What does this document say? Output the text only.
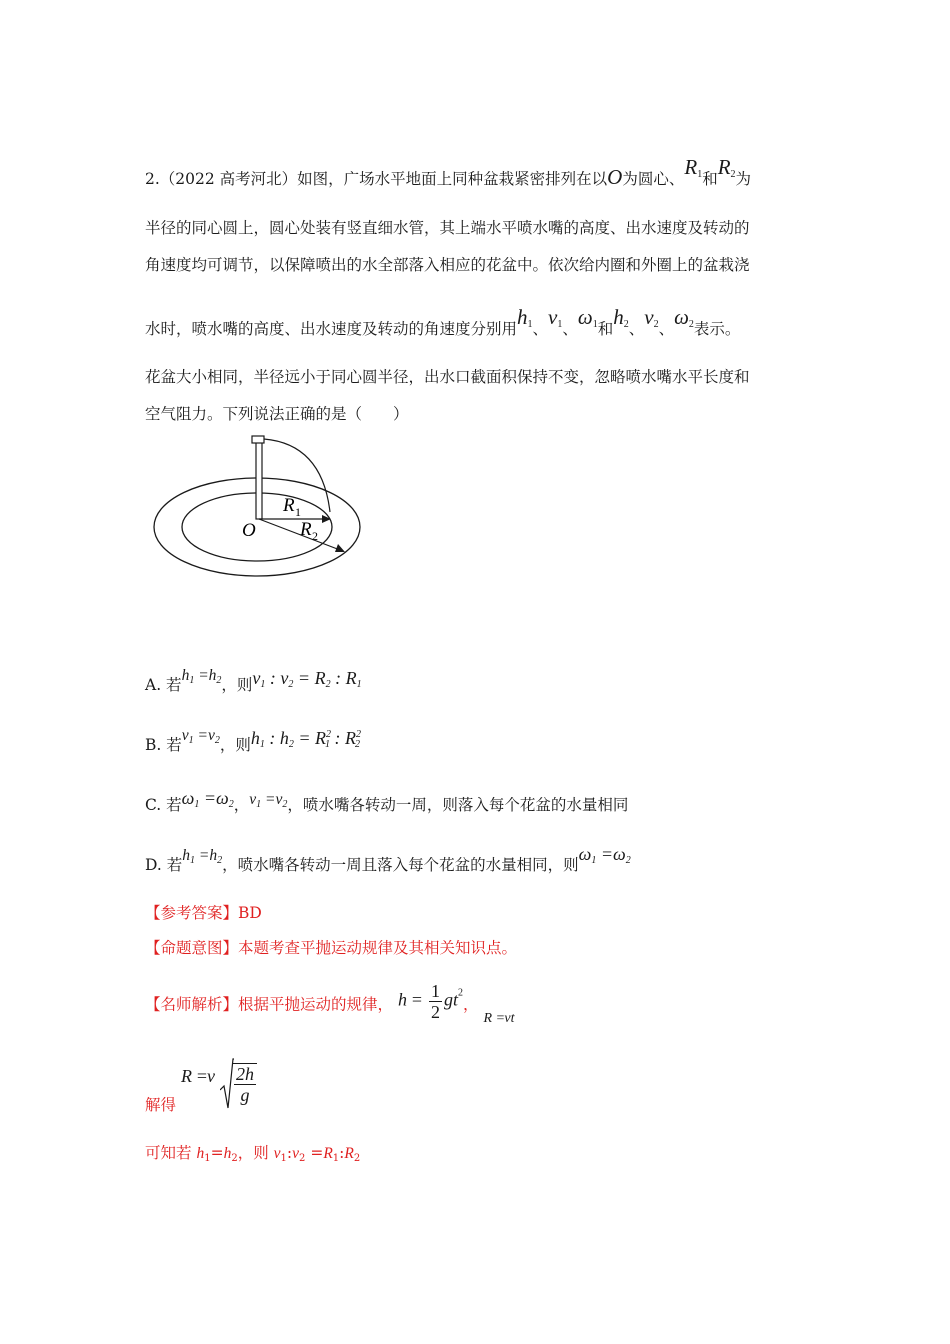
2.（2022 高考河北）如图，广场水平地面上同种盆栽紧密排列在以O为圆心、$R_1$和$R_2$为
半径的同心圆上，圆心处装有竖直细水管，其上端水平喷水嘴的高度、出水速度及转动的
角速度均可调节，以保障喷出的水全部落入相应的花盆中。依次给内圈和外圈上的盆栽浇
水时，喷水嘴的高度、出水速度及转动的角速度分别用$h_1$、$v_1$、$\omega_1$和$h_2$、$v_2$、$\omega_2$表示。
花盆大小相同，半径远小于同心圆半径，出水口截面积保持不变，忽略喷水嘴水平长度和
空气阻力。下列说法正确的是（　　）
O
R 1
R 2
A. 若$h_1 =h_2$，则$v_1$ : $v_2 = R_2$ : $R_1$
B. 若$v_1 =v_2$，则$h_1$ : $h_2 = R^2_1$ : $R^2_2$
C. 若$\omega_1 =\omega_2$，$v_1 =v_2$，喷水嘴各转动一周，则落入每个花盆的水量相同
D. 若$h_1 =h_2$，喷水嘴各转动一周且落入每个花盆的水量相同，则$\omega_1 =\omega_2$
【参考答案】BD
【命题意图】本题考查平抛运动规律及其相关知识点。
【名师解析】根据平抛运动的规律， $h = \frac{1}{2} gt^2$， R =vt
解得 $R =v \frac{2h}{g}$
可知若 $h_1=h_2$，则 $v_1:v_2$ $=R_1:R_2$
